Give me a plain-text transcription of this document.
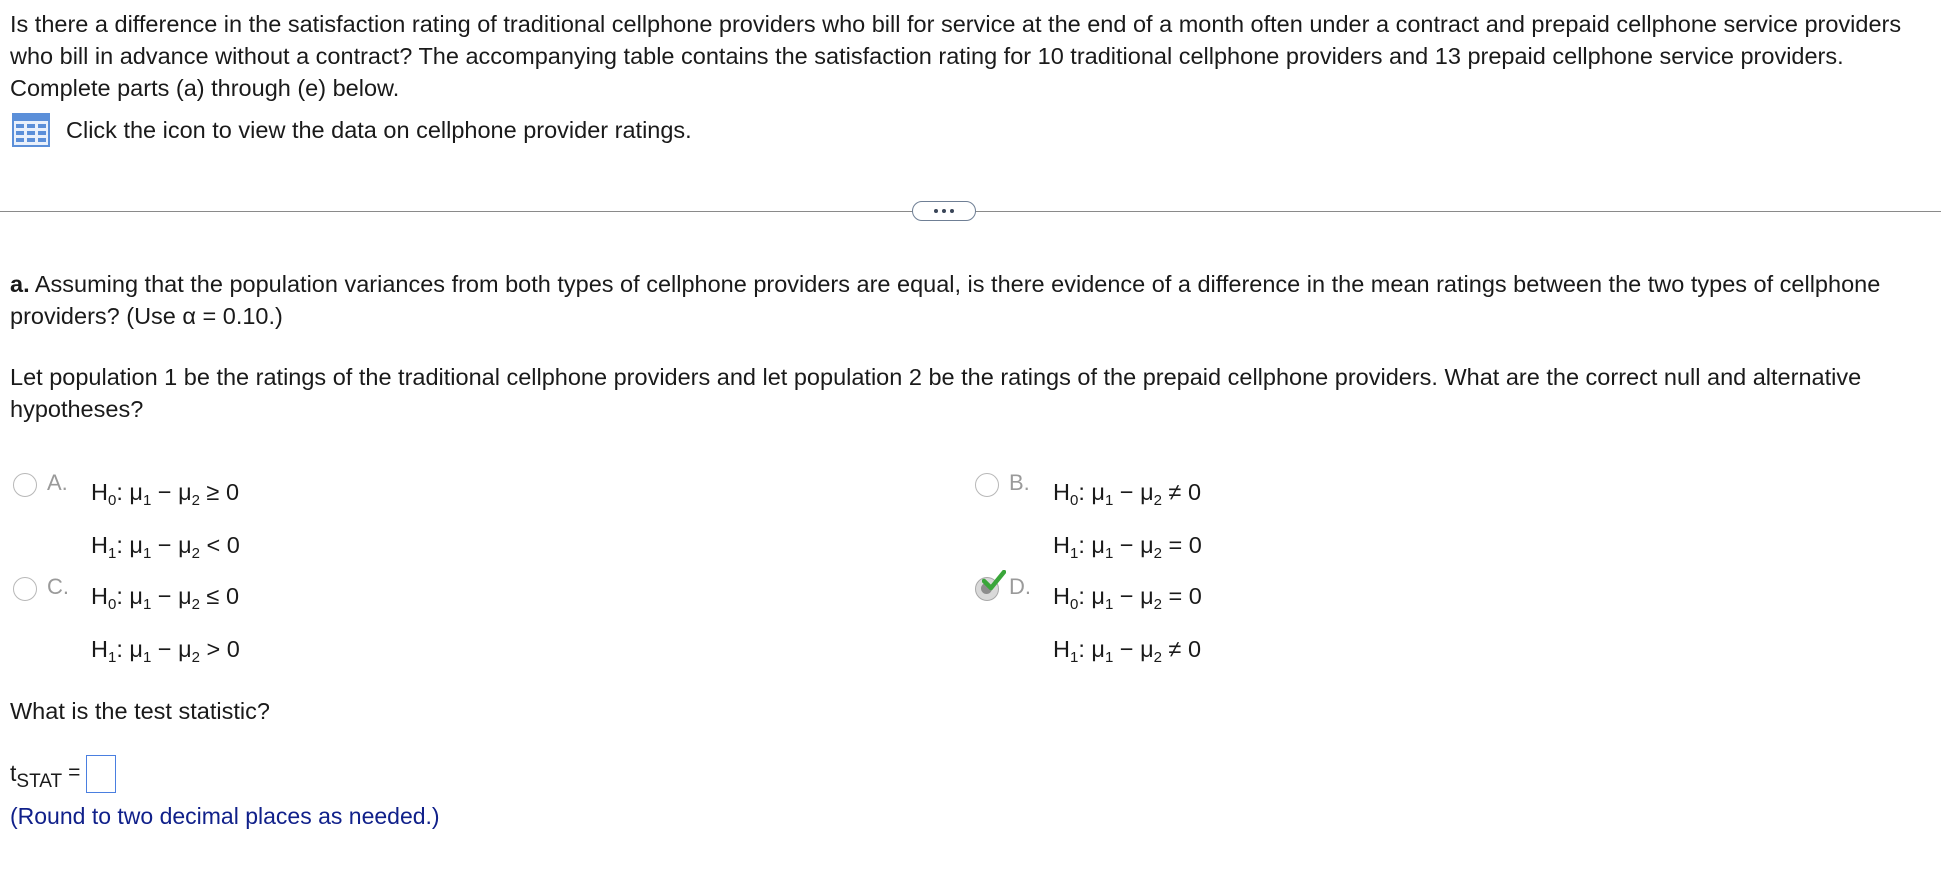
Is there a difference in the satisfaction rating of traditional cellphone providers who bill for service at the end of a month often under a contract and prepaid cellphone service providers who bill in advance without a contract? The accompanying table contains the satisfaction rating for 10 traditional cellphone providers and 13 prepaid cellphone service providers. Complete parts (a) through (e) below.
Click the icon to view the data on cellphone provider ratings.
a. Assuming that the population variances from both types of cellphone providers are equal, is there evidence of a difference in the mean ratings between the two types of cellphone providers? (Use α = 0.10.)
Let population 1 be the ratings of the traditional cellphone providers and let population 2 be the ratings of the prepaid cellphone providers. What are the correct null and alternative hypotheses?
A. $H_0$: $\mu_1 - \mu_2 \ge 0$
$H_1$: $\mu_1 - \mu_2 < 0$
B. $H_0$: $\mu_1 - \mu_2 \ne 0$
$H_1$: $\mu_1 - \mu_2 = 0$
C. $H_0$: $\mu_1 - \mu_2 \le 0$
$H_1$: $\mu_1 - \mu_2 > 0$
D. $H_0$: $\mu_1 - \mu_2 = 0$
$H_1$: $\mu_1 - \mu_2 \ne 0$
What is the test statistic?
$t_{STAT}$ =
(Round to two decimal places as needed.)
